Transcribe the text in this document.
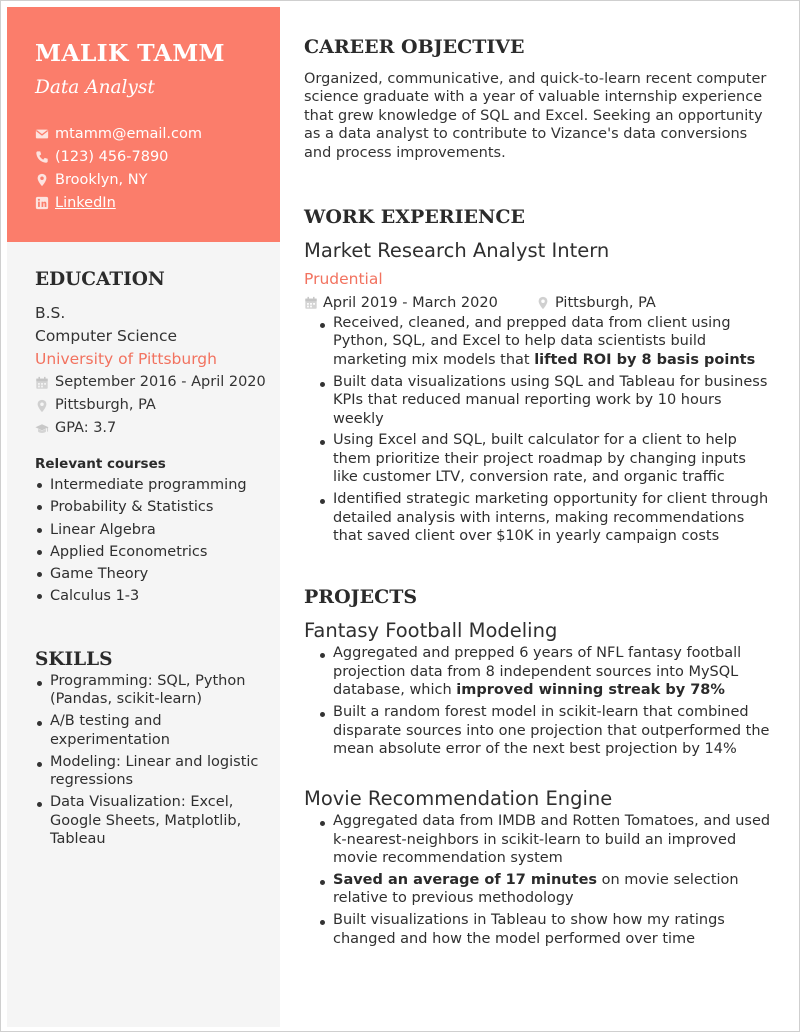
MALIK TAMM
Data Analyst
mtamm@email.com
(123) 456-7890
Brooklyn, NY
LinkedIn
EDUCATION
B.S.
Computer Science
University of Pittsburgh
September 2016 - April 2020
Pittsburgh, PA
GPA: 3.7
Relevant courses
Intermediate programming
Probability & Statistics
Linear Algebra
Applied Econometrics
Game Theory
Calculus 1-3
SKILLS
Programming: SQL, Python (Pandas, scikit-learn)
A/B testing and experimentation
Modeling: Linear and logistic regressions
Data Visualization: Excel, Google Sheets, Matplotlib, Tableau
CAREER OBJECTIVE

Organized, communicative, and quick-to-learn recent computer science graduate with a year of valuable internship experience that grew knowledge of SQL and Excel. Seeking an opportunity as a data analyst to contribute to Vizance's data conversions and process improvements.

WORK EXPERIENCE
Market Research Analyst Intern
Prudential
April 2019 - March 2020	Pittsburgh, PA
Received, cleaned, and prepped data from client using Python, SQL, and Excel to help data scientists build marketing mix models that lifted ROI by 8 basis points
Built data visualizations using SQL and Tableau for business KPIs that reduced manual reporting work by 10 hours weekly
Using Excel and SQL, built calculator for a client to help them prioritize their project roadmap by changing inputs like customer LTV, conversion rate, and organic traffic
Identified strategic marketing opportunity for client through detailed analysis with interns, making recommendations that saved client over $10K in yearly campaign costs
PROJECTS
Fantasy Football Modeling
Aggregated and prepped 6 years of NFL fantasy football projection data from 8 independent sources into MySQL database, which improved winning streak by 78%
Built a random forest model in scikit-learn that combined disparate sources into one projection that outperformed the mean absolute error of the next best projection by 14%
Movie Recommendation Engine
Aggregated data from IMDB and Rotten Tomatoes, and used k-nearest-neighbors in scikit-learn to build an improved movie recommendation system
Saved an average of 17 minutes on movie selection relative to previous methodology
Built visualizations in Tableau to show how my ratings changed and how the model performed over time
